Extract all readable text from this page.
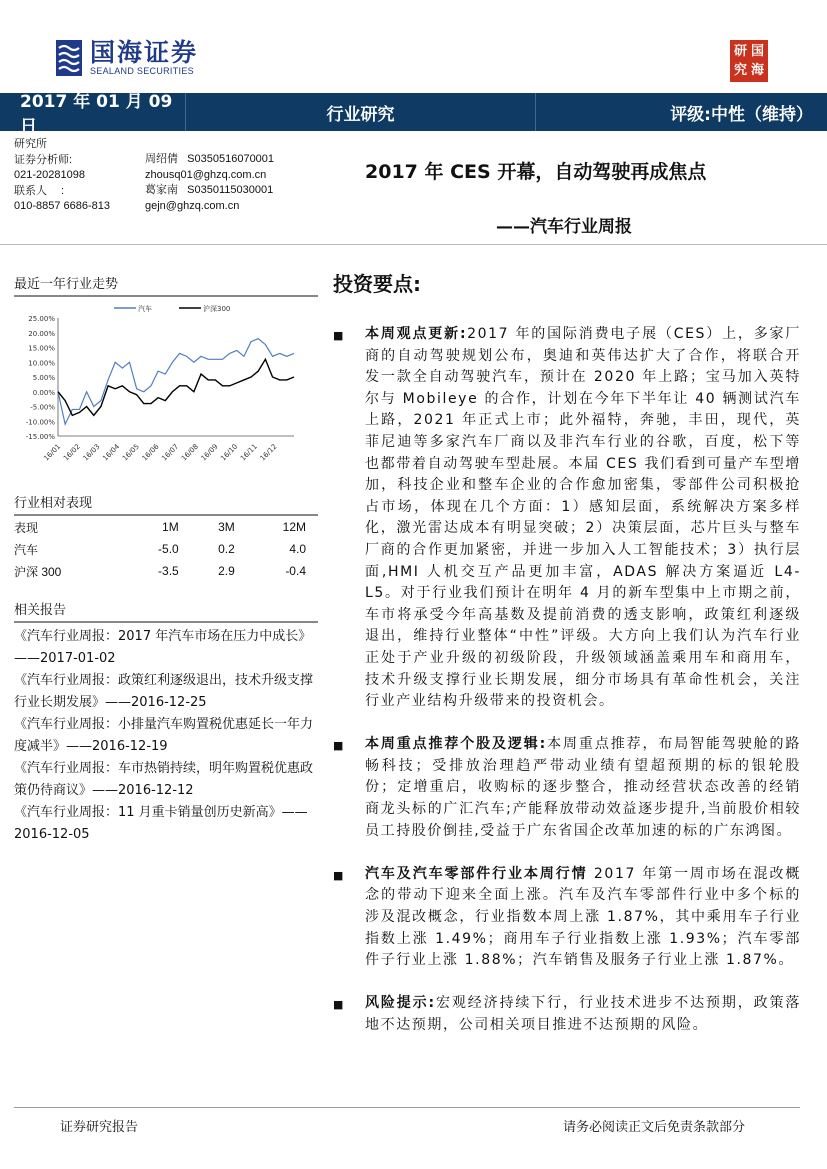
国海证券
SEALAND SECURITIES
研 国
究 海
2017 年 01 月 09 日
行业研究	评级:中性（维持）
研究所
证券分析师:
021-20281098
联系人　 :
010-8857 6686-813
周绍倩 S0350516070001
zhousq01@ghzq.com.cn
葛家南 S0350115030001
gejn@ghzq.com.cn
2017 年 CES 开幕，自动驾驶再成焦点
——汽车行业周报
最近一年行业走势
25.00%
20.00%
15.00%
10.00%
5.00%
0.00%
-5.00%
-10.00%
-15.00%
16/01 16/02 16/03 16/04 16/05 16/06 16/07 16/08 16/09 16/10 16/11 16/12
汽车	沪深300
行业相对表现
表现	1M	3M	12M
汽车	-5.0	0.2	4.0
沪深 300	-3.5	2.9	-0.4
相关报告
《汽车行业周报：2017 年汽车市场在压力中成长》——2017-01-02
《汽车行业周报：政策红利逐级退出，技术升级支撑行业长期发展》——2016-12-25
《汽车行业周报：小排量汽车购置税优惠延长一年力度减半》——2016-12-19
《汽车行业周报：车市热销持续，明年购置税优惠政策仍待商议》——2016-12-12
《汽车行业周报：11 月重卡销量创历史新高》——2016-12-05
投资要点:
■	本周观点更新:2017 年的国际消费电子展（CES）上，多家厂商的自动驾驶规划公布，奥迪和英伟达扩大了合作，将联合开发一款全自动驾驶汽车，预计在 2020 年上路；宝马加入英特尔与 Mobileye 的合作，计划在今年下半年让 40 辆测试汽车上路，2021 年正式上市；此外福特，奔驰，丰田，现代，英菲尼迪等多家汽车厂商以及非汽车行业的谷歌，百度，松下等也都带着自动驾驶车型赴展。本届 CES 我们看到可量产车型增加，科技企业和整车企业的合作愈加密集，零部件公司积极抢占市场，体现在几个方面：1）感知层面，系统解决方案多样化，激光雷达成本有明显突破；2）决策层面，芯片巨头与整车厂商的合作更加紧密，并进一步加入人工智能技术；3）执行层面,HMI 人机交互产品更加丰富，ADAS 解决方案逼近 L4-L5。对于行业我们预计在明年 4 月的新车型集中上市期之前，车市将承受今年高基数及提前消费的透支影响，政策红利逐级退出，维持行业整体“中性”评级。大方向上我们认为汽车行业正处于产业升级的初级阶段，升级领域涵盖乘用车和商用车，技术升级支撑行业长期发展，细分市场具有革命性机会，关注行业产业结构升级带来的投资机会。

■	本周重点推荐个股及逻辑:本周重点推荐，布局智能驾驶舱的路畅科技；受排放治理趋严带动业绩有望超预期的标的银轮股份；定增重启，收购标的逐步整合，推动经营状态改善的经销商龙头标的广汇汽车;产能释放带动效益逐步提升,当前股价相较员工持股价倒挂,受益于广东省国企改革加速的标的广东鸿图。

■	汽车及汽车零部件行业本周行情 2017 年第一周市场在混改概念的带动下迎来全面上涨。汽车及汽车零部件行业中多个标的涉及混改概念，行业指数本周上涨 1.87%，其中乘用车子行业指数上涨 1.49%；商用车子行业指数上涨 1.93%；汽车零部件子行业上涨 1.88%；汽车销售及服务子行业上涨 1.87%。

■	风险提示:宏观经济持续下行，行业技术进步不达预期，政策落地不达预期，公司相关项目推进不达预期的风险。

证券研究报告	请务必阅读正文后免责条款部分
